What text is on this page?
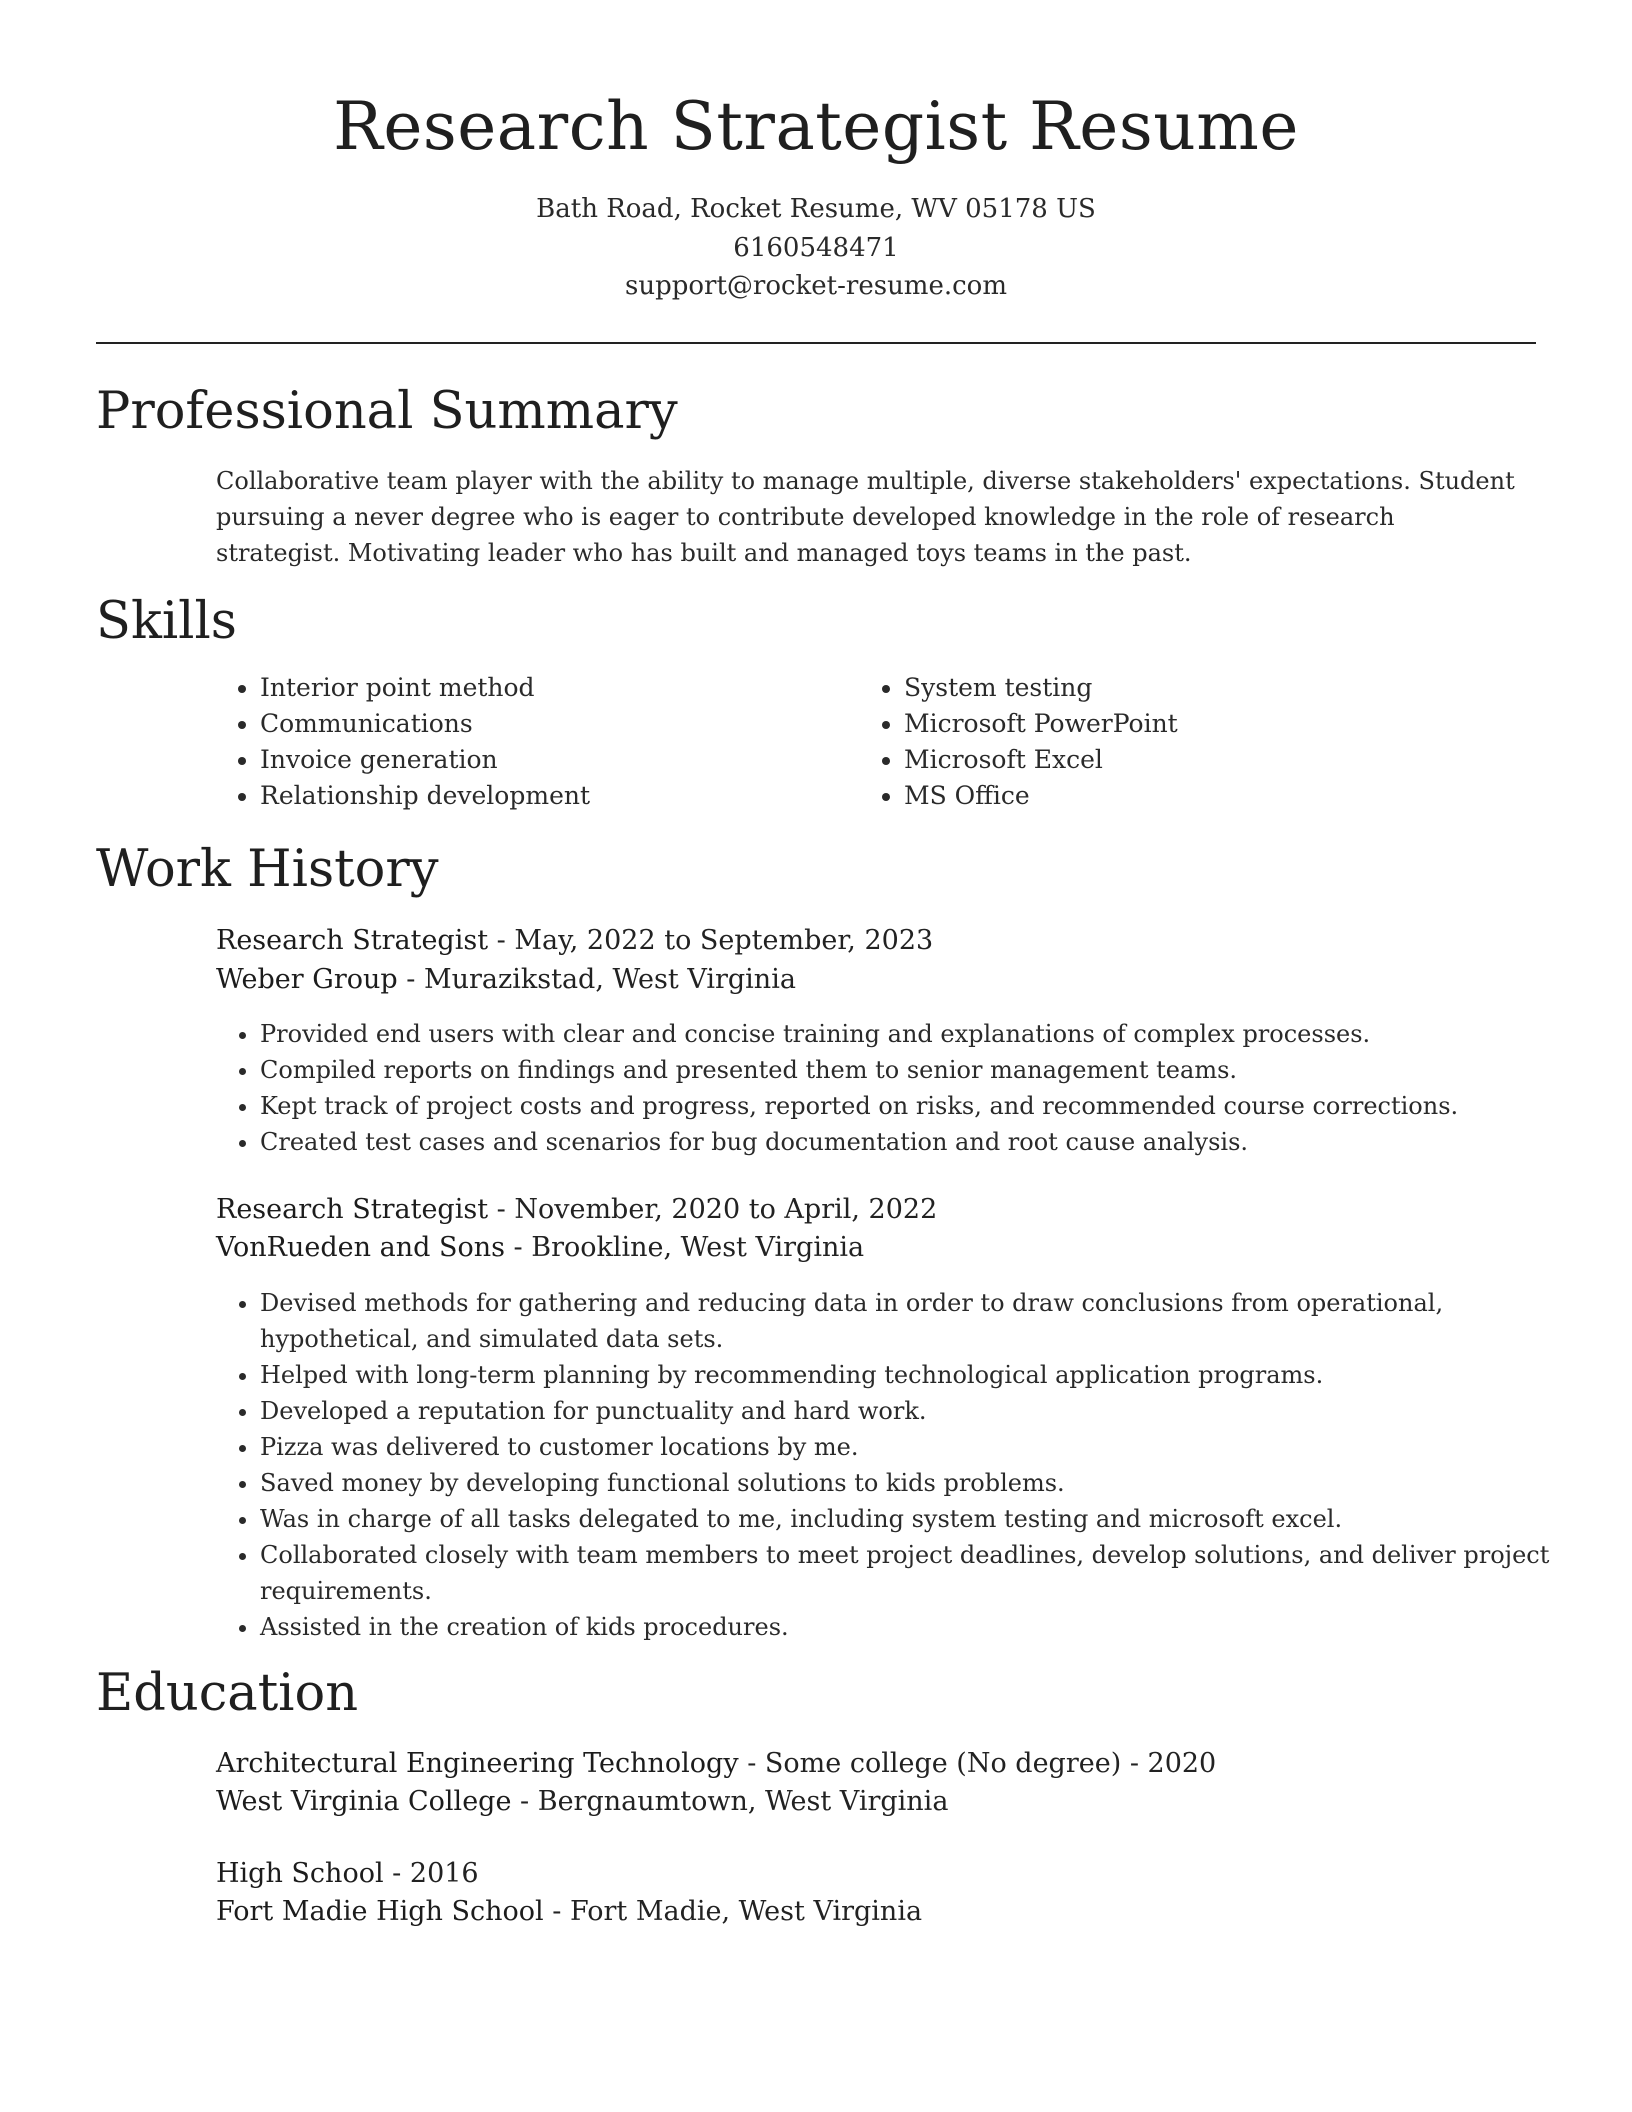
Research Strategist Resume
Bath Road, Rocket Resume, WV 05178 US
6160548471
support@rocket-resume.com
Professional Summary
Collaborative team player with the ability to manage multiple, diverse stakeholders' expectations. Student pursuing a never degree who is eager to contribute developed knowledge in the role of research strategist. Motivating leader who has built and managed toys teams in the past.
Skills
• Interior point method
• Communications
• Invoice generation
• Relationship development
• System testing
• Microsoft PowerPoint
• Microsoft Excel
• MS Office
Work History
Research Strategist - May, 2022 to September, 2023
Weber Group - Murazikstad, West Virginia
• Provided end users with clear and concise training and explanations of complex processes.
• Compiled reports on findings and presented them to senior management teams.
• Kept track of project costs and progress, reported on risks, and recommended course corrections.
• Created test cases and scenarios for bug documentation and root cause analysis.
Research Strategist - November, 2020 to April, 2022
VonRueden and Sons - Brookline, West Virginia
• Devised methods for gathering and reducing data in order to draw conclusions from operational, hypothetical, and simulated data sets.
• Helped with long-term planning by recommending technological application programs.
• Developed a reputation for punctuality and hard work.
• Pizza was delivered to customer locations by me.
• Saved money by developing functional solutions to kids problems.
• Was in charge of all tasks delegated to me, including system testing and microsoft excel.
• Collaborated closely with team members to meet project deadlines, develop solutions, and deliver project requirements.
• Assisted in the creation of kids procedures.
Education
Architectural Engineering Technology - Some college (No degree) - 2020
West Virginia College - Bergnaumtown, West Virginia
High School - 2016
Fort Madie High School - Fort Madie, West Virginia
